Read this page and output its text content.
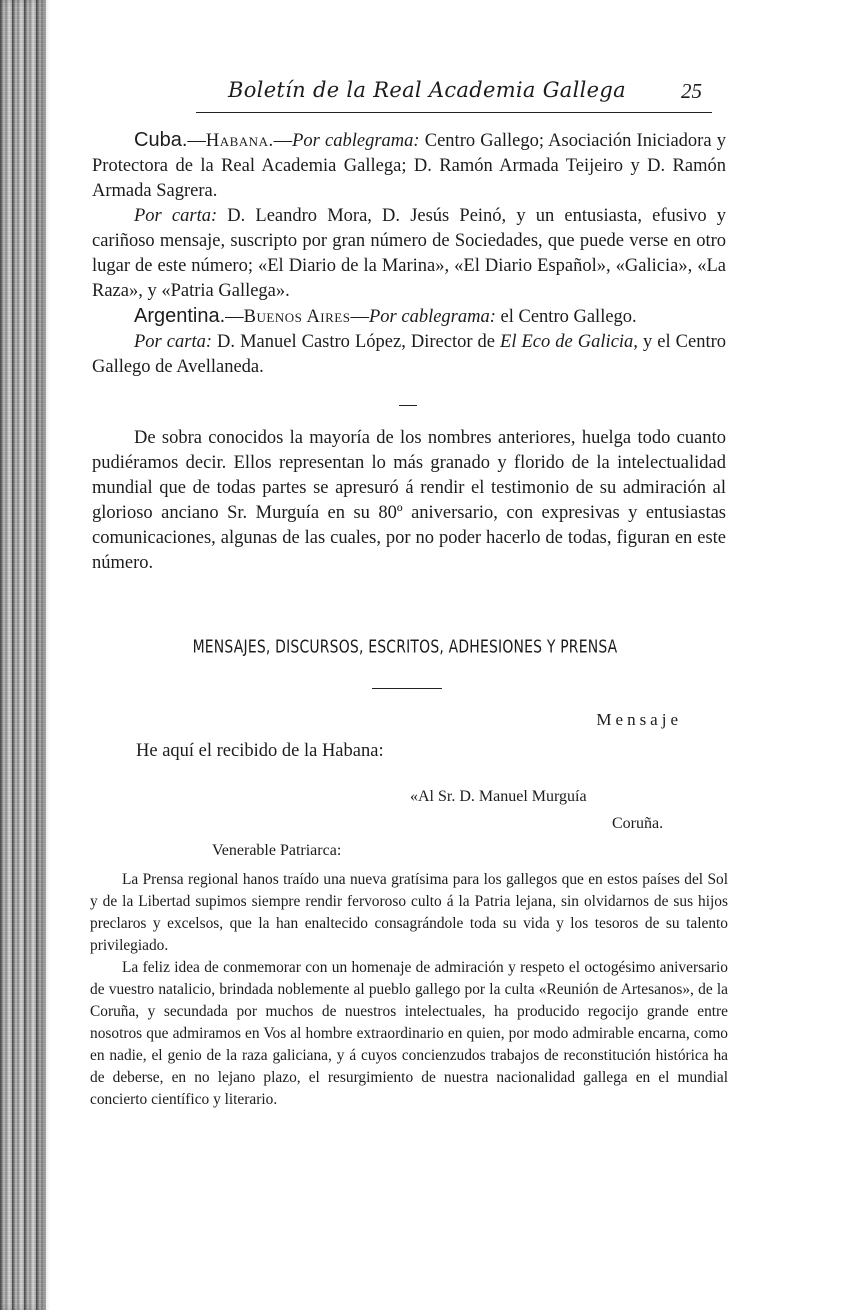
Boletín de la Real Academia Gallega	25

Cuba.—Habana.—Por cablegrama: Centro Gallego; Asociación Iniciadora y Protectora de la Real Academia Gallega; D. Ramón Armada Teijeiro y D. Ramón Armada Sagrera.

Por carta: D. Leandro Mora, D. Jesús Peinó, y un entusiasta, efusivo y cariñoso mensaje, suscripto por gran número de Sociedades, que puede verse en otro lugar de este número; «El Diario de la Marina», «El Diario Español», «Galicia», «La Raza», y «Patria Gallega».

Argentina.—Buenos Aires—Por cablegrama: el Centro Gallego.

Por carta: D. Manuel Castro López, Director de El Eco de Galicia, y el Centro Gallego de Avellaneda.

De sobra conocidos la mayoría de los nombres anteriores, huelga todo cuanto pudiéramos decir. Ellos representan lo más granado y florido de la intelectualidad mundial que de todas partes se apresuró á rendir el testimonio de su admiración al glorioso anciano Sr. Murguía en su 80º aniversario, con expresivas y entusiastas comunicaciones, algunas de las cuales, por no poder hacerlo de todas, figuran en este número.

MENSAJES, DISCURSOS, ESCRITOS, ADHESIONES Y PRENSA
Mensaje

He aquí el recibido de la Habana:

«Al Sr. D. Manuel Murguía

Coruña.

Venerable Patriarca:

La Prensa regional hanos traído una nueva gratísima para los gallegos que en estos países del Sol y de la Libertad supimos siempre rendir fervoroso culto á la Patria lejana, sin olvidarnos de sus hijos preclaros y excelsos, que la han enaltecido consagrándole toda su vida y los tesoros de su talento privilegiado.

La feliz idea de conmemorar con un homenaje de admiración y respeto el octogésimo aniversario de vuestro natalicio, brindada noblemente al pueblo gallego por la culta «Reunión de Artesanos», de la Coruña, y secundada por muchos de nuestros intelectuales, ha producido regocijo grande entre nosotros que admiramos en Vos al hombre extraordinario en quien, por modo admirable encarna, como en nadie, el genio de la raza galiciana, y á cuyos concienzudos trabajos de reconstitución histórica ha de deberse, en no lejano plazo, el resurgimiento de nuestra nacionalidad gallega en el mundial concierto científico y literario.
